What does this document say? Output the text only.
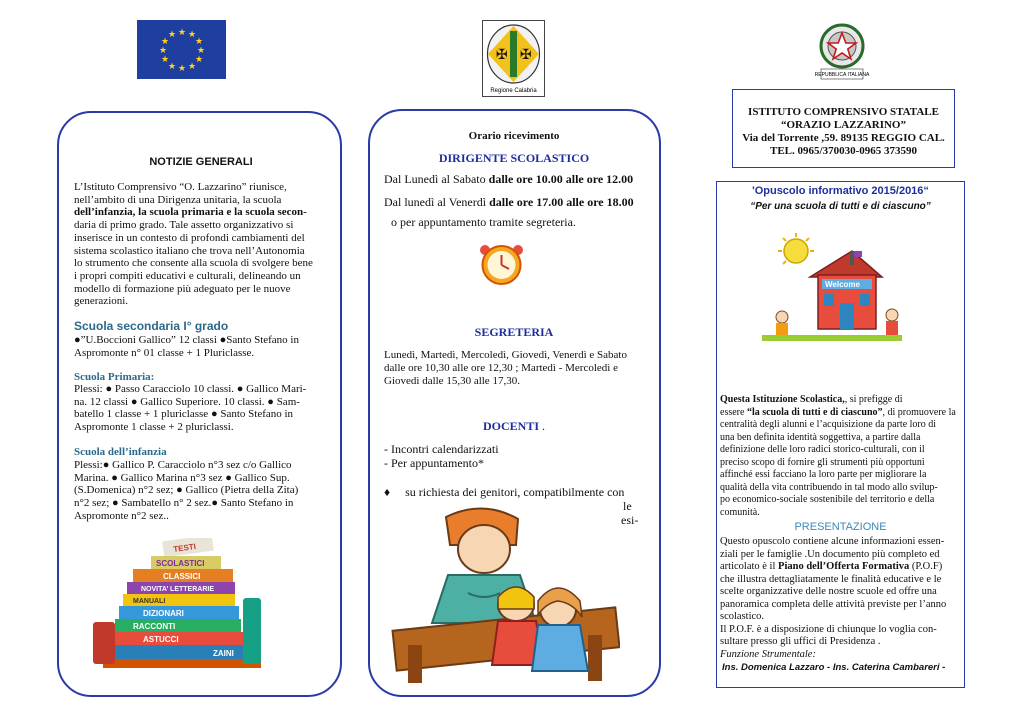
★ ★
★
★
★
★
★
★
★
★
★
★
✠ ✠
Regione Calabria
REPUBBLICA ITALIANA
NOTIZIE GENERALI
L’Istituto Comprensivo “O. Lazzarino” riunisce,
nell’ambito di una Dirigenza unitaria, la scuola
dell’infanzia, la scuola primaria e la scuola secon-
daria di primo grado. Tale assetto organizzativo si
inserisce in un contesto di profondi cambiamenti del
sistema scolastico italiano che trova nell’Autonomia
lo strumento che consente alla scuola di svolgere bene
i propri compiti educativi e culturali, delineando un
modello di formazione più adeguato per le nuove
generazioni.
Scuola secondaria I° grado
●”U.Boccioni Gallico” 12 classi ●Santo Stefano in
Aspromonte n° 01 classe + 1 Pluriclasse.
Scuola Primaria:
Plessi: ● Passo Caracciolo 10 classi. ● Gallico Mari-
na. 12 classi ● Gallico Superiore. 10 classi. ● Sam-
batello 1 classe + 1 pluriclasse ● Santo Stefano in
Aspromonte 1 classe + 2 pluriclassi.
Scuola dell’infanzia
Plessi:● Gallico P. Caracciolo n°3 sez c/o Gallico
Marina. ● Gallico Marina n°3 sez ● Gallico Sup.
(S.Domenica) n°2 sez; ● Gallico (Pietra della Zita)
n°2 sez; ● Sambatello n° 2 sez.● Santo Stefano in
Aspromonte n°2 sez..
TESTI
SCOLASTICI
CLASSICI
NOVITA’ LETTERARIE
MANUALI
DIZIONARI
RACCONTI
ASTUCCI
ZAINI
Orario ricevimento
DIRIGENTE SCOLASTICO
Dal Lunedì al Sabato dalle ore 10.00 alle ore 12.00
Dal lunedì al Venerdì dalle ore 17.00 alle ore 18.00
o per appuntamento tramite segreteria.
SEGRETERIA
Lunedì, Martedì, Mercoledì, Giovedì, Venerdì e Sabato
dalle ore 10,30 alle ore 12,30 ; Martedì - Mercoledì e
Giovedì dalle 15,30 alle 17,30.
DOCENTI .
- Incontri calendarizzati
- Per appuntamento*
♦ su richiesta dei genitori, compatibilmente con
le
esi-
ISTITUTO COMPRENSIVO STATALE
“ORAZIO LAZZARINO”
Via del Torrente ,59. 89135 REGGIO CAL.
TEL. 0965/370030-0965 373590
'Opuscolo informativo 2015/2016“
“Per una scuola di tutti e di ciascuno”
Welcome
Questa Istituzione Scolastica,, si prefigge di
essere “la scuola di tutti e di ciascuno”, di promuovere la
centralità degli alunni e l’acquisizione da parte loro di
una ben definita identità soggettiva, a partire dalla
definizione delle loro radici storico-culturali, con il
preciso scopo di fornire gli strumenti più opportuni
affinché essi facciano la loro parte per migliorare la
qualità della vita contribuendo in tal modo allo svilup-
po economico-sociale sostenibile del territorio e della
comunità.
PRESENTAZIONE
Questo opuscolo contiene alcune informazioni essen-
ziali per le famiglie .Un documento più completo ed
articolato è il Piano dell’Offerta Formativa (P.O.F)
che illustra dettagliatamente le finalità educative e le
scelte organizzative delle nostre scuole ed offre una
panoramica completa delle attività previste per l’anno
scolastico.
Il P.O.F. è a disposizione di chiunque lo voglia con-
sultare presso gli uffici di Presidenza .
Funzione Strumentale:
Ins. Domenica Lazzaro - Ins. Caterina Cambareri -
